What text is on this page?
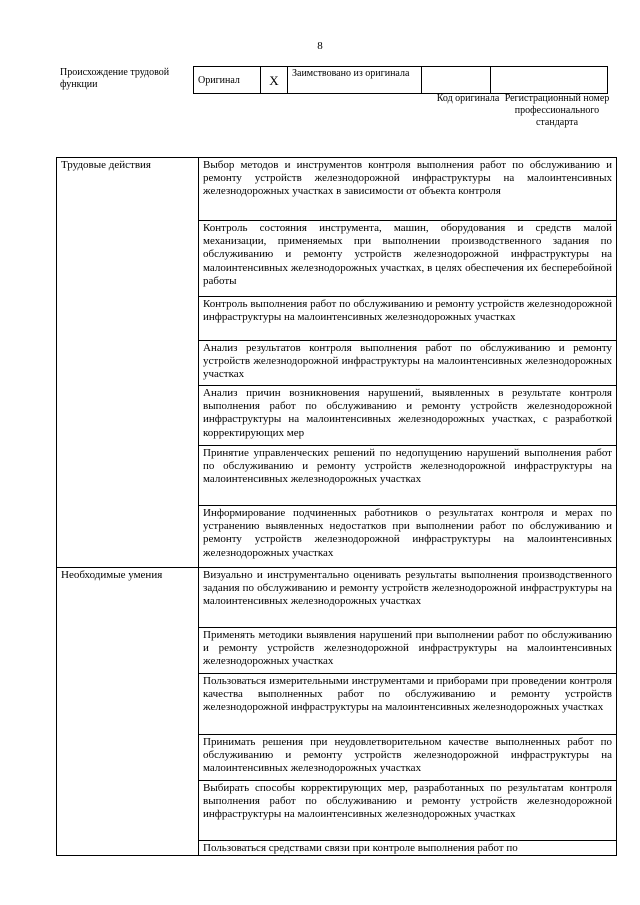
8
Происхождение трудовой функции	Оригинал	X	Заимствовано из оригинала		
Код оригинала Регистрационный номер профессионального стандарта
Трудовые действия	Выбор методов и инструментов контроля выполнения работ по обслуживанию и ремонту устройств железнодорожной инфраструктуры на малоинтенсивных железнодорожных участках в зависимости от объекта контроля
	Контроль состояния инструмента, машин, оборудования и средств малой механизации, применяемых при выполнении производственного задания по обслуживанию и ремонту устройств железнодорожной инфраструктуры на малоинтенсивных железнодорожных участках, в целях обеспечения их бесперебойной работы
	Контроль выполнения работ по обслуживанию и ремонту устройств железнодорожной инфраструктуры на малоинтенсивных железнодорожных участках
	Анализ результатов контроля выполнения работ по обслуживанию и ремонту устройств железнодорожной инфраструктуры на малоинтенсивных железнодорожных участках
	Анализ причин возникновения нарушений, выявленных в результате контроля выполнения работ по обслуживанию и ремонту устройств железнодорожной инфраструктуры на малоинтенсивных железнодорожных участках, с разработкой корректирующих мер
	Принятие управленческих решений по недопущению нарушений выполнения работ по обслуживанию и ремонту устройств железнодорожной инфраструктуры на малоинтенсивных железнодорожных участках
	Информирование подчиненных работников о результатах контроля и мерах по устранению выявленных недостатков при выполнении работ по обслуживанию и ремонту устройств железнодорожной инфраструктуры на малоинтенсивных железнодорожных участках
Необходимые умения	Визуально и инструментально оценивать результаты выполнения производственного задания по обслуживанию и ремонту устройств железнодорожной инфраструктуры на малоинтенсивных железнодорожных участках
	Применять методики выявления нарушений при выполнении работ по обслуживанию и ремонту устройств железнодорожной инфраструктуры на малоинтенсивных железнодорожных участках
	Пользоваться измерительными инструментами и приборами при проведении контроля качества выполненных работ по обслуживанию и ремонту устройств железнодорожной инфраструктуры на малоинтенсивных железнодорожных участках
	Принимать решения при неудовлетворительном качестве выполненных работ по обслуживанию и ремонту устройств железнодорожной инфраструктуры на малоинтенсивных железнодорожных участках
	Выбирать способы корректирующих мер, разработанных по результатам контроля выполнения работ по обслуживанию и ремонту устройств железнодорожной инфраструктуры на малоинтенсивных железнодорожных участках
	Пользоваться средствами связи при контроле выполнения работ по
